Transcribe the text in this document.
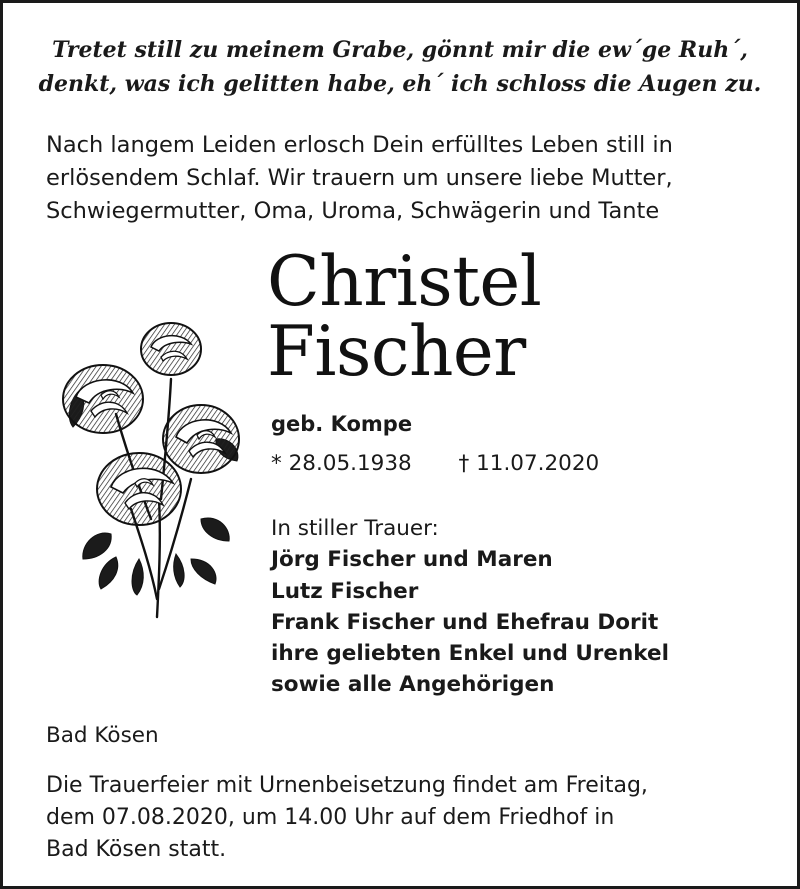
Tretet still zu meinem Grabe, gönnt mir die ew´ge Ruh´,
denkt, was ich gelitten habe, eh´ ich schloss die Augen zu.
Nach langem Leiden erlosch Dein erfülltes Leben still in
erlösendem Schlaf. Wir trauern um unsere liebe Mutter,
Schwiegermutter, Oma, Uroma, Schwägerin und Tante
Christel
Fischer
geb. Kompe
* 28.05.1938 † 11.07.2020
In stiller Trauer:
Jörg Fischer und Maren
Lutz Fischer
Frank Fischer und Ehefrau Dorit
ihre geliebten Enkel und Urenkel
sowie alle Angehörigen
Bad Kösen
Die Trauerfeier mit Urnenbeisetzung findet am Freitag,
dem 07.08.2020, um 14.00 Uhr auf dem Friedhof in
Bad Kösen statt.
